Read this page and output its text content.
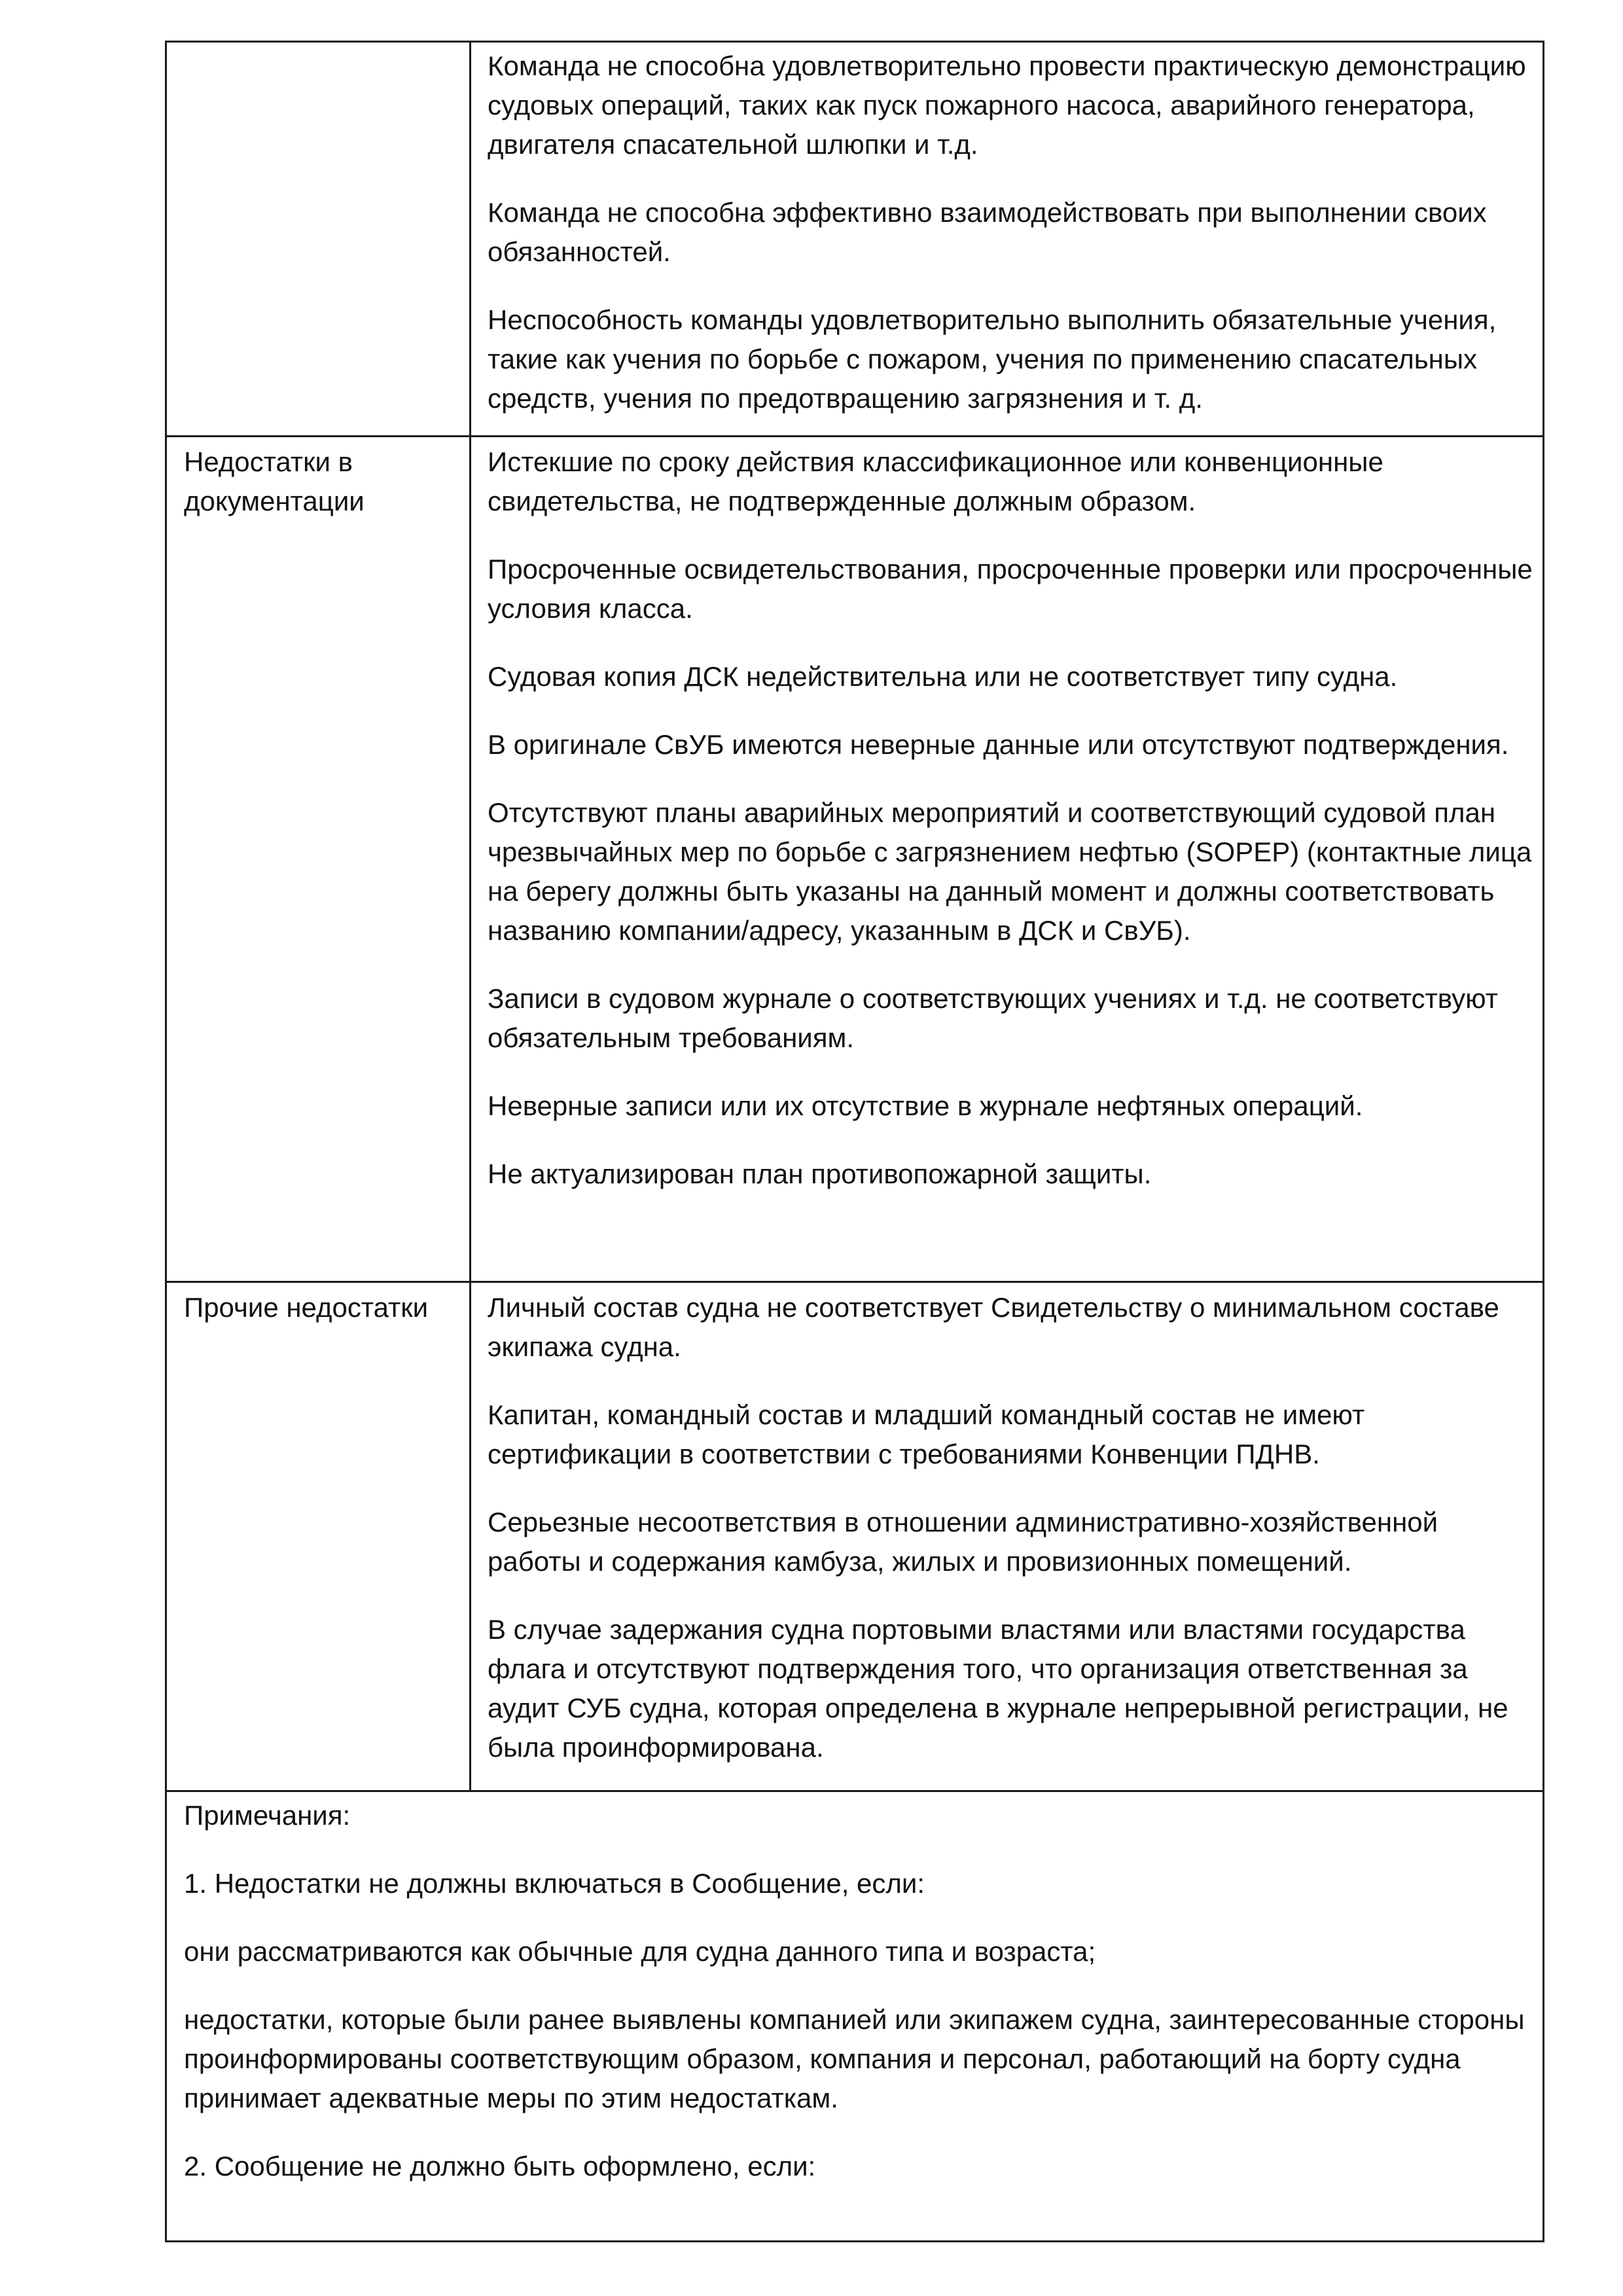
Команда не способна удовлетворительно провести практическую демонстрацию судовых операций, таких как пуск пожарного насоса, аварийного генератора, двигателя спасательной шлюпки и т.д.

Команда не способна эффективно взаимодействовать при выполнении своих обязанностей.

Неспособность команды удовлетворительно выполнить обязательные учения, такие как учения по борьбе с пожаром, учения по применению спасательных средств, учения по предотвращению загрязнения и т. д.

Недостатки в документации

Истекшие по сроку действия классификационное или конвенционные свидетельства, не подтвержденные должным образом.

Просроченные освидетельствования, просроченные проверки или просроченные условия класса.

Судовая копия ДСК недействительна или не соответствует типу судна.

В оригинале СвУБ имеются неверные данные или отсутствуют подтверждения.

Отсутствуют планы аварийных мероприятий и соответствующий судовой план чрезвычайных мер по борьбе с загрязнением нефтью (SOPEP) (контактные лица на берегу должны быть указаны на данный момент и должны соответствовать названию компании/адресу, указанным в ДСК и СвУБ).

Записи в судовом журнале о соответствующих учениях и т.д. не соответствуют обязательным требованиям.

Неверные записи или их отсутствие в журнале нефтяных операций.

Не актуализирован план противопожарной защиты.

Прочие недостатки	Личный состав судна не соответствует Свидетельству о минимальном составе экипажа судна.

Капитан, командный состав и младший командный состав не имеют сертификации в соответствии с требованиями Конвенции ПДНВ.

Серьезные несоответствия в отношении административно-хозяйственной работы и содержания камбуза, жилых и провизионных помещений.

В случае задержания судна портовыми властями или властями государства флага и отсутствуют подтверждения того, что организация ответственная за аудит СУБ судна, которая определена в журнале непрерывной регистрации, не была проинформирована.

Примечания:

1. Недостатки не должны включаться в Сообщение, если:

они рассматриваются как обычные для судна данного типа и возраста;

недостатки, которые были ранее выявлены компанией или экипажем судна, заинтересованные стороны проинформированы соответствующим образом, компания и персонал, работающий на борту судна принимает адекватные меры по этим недостаткам.

2. Сообщение не должно быть оформлено, если:
